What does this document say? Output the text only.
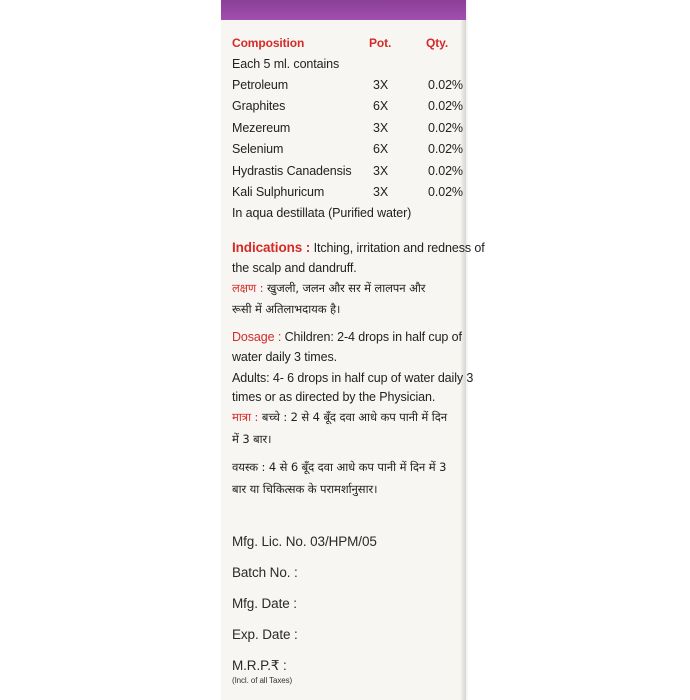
Composition	Pot.	Qty.
Each 5 ml. contains
Petroleum	3X	0.02%
Graphites	6X	0.02%
Mezereum	3X	0.02%
Selenium	6X	0.02%
Hydrastis Canadensis 3X	0.02%
Kali Sulphuricum	3X	0.02%
In aqua destillata (Purified water)
Indications : Itching, irritation and redness of
the scalp and dandruff.
लक्षण : खुजली, जलन और सर में लालपन और
रूसी में अतिलाभदायक है।
Dosage : Children: 2-4 drops in half cup of
water daily 3 times.
Adults: 4- 6 drops in half cup of water daily 3
times or as directed by the Physician.
मात्रा : बच्चे : 2 से 4 बूँद दवा आधे कप पानी में दिन
में 3 बार।
वयस्क : 4 से 6 बूँद दवा आधे कप पानी में दिन में 3
बार या चिकित्सक के परामर्शानुसार।
Mfg. Lic. No. 03/HPM/05
Batch No. :
Mfg. Date :
Exp. Date :
M.R.P.₹ :
(Incl. of all Taxes)
